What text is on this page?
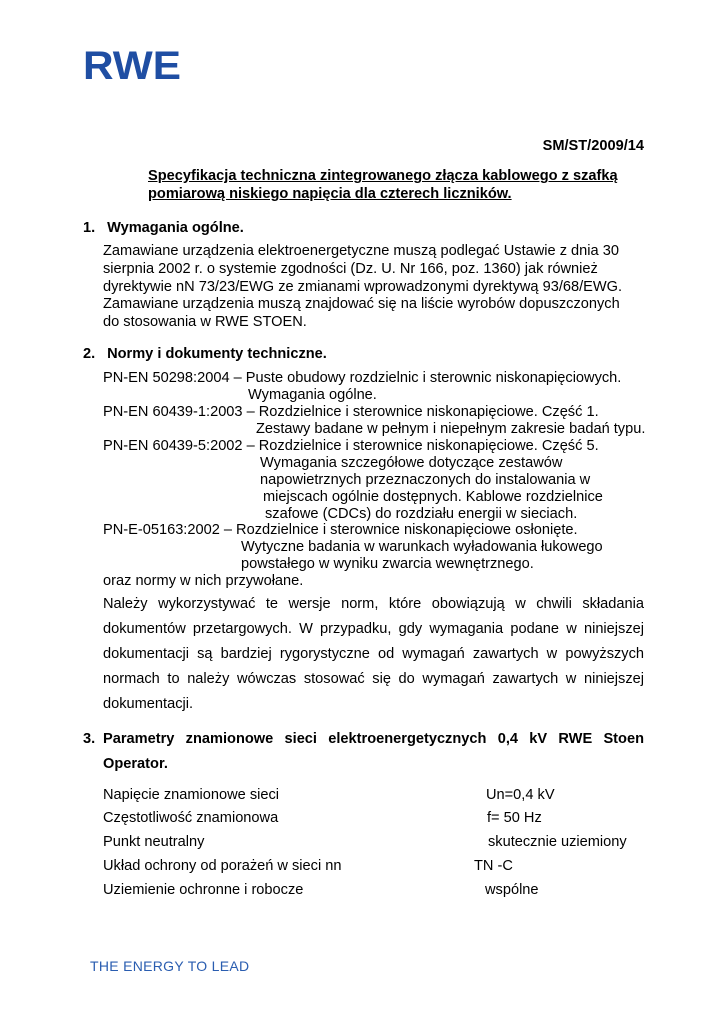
RWE
SM/ST/2009/14
Specyfikacja techniczna zintegrowanego złącza kablowego z szafką
pomiarową niskiego napięcia dla czterech liczników.
1. Wymagania ogólne.
Zamawiane urządzenia elektroenergetyczne muszą podlegać Ustawie z dnia 30
sierpnia 2002 r. o systemie zgodności (Dz. U. Nr 166, poz. 1360) jak również
dyrektywie nN 73/23/EWG ze zmianami wprowadzonymi dyrektywą 93/68/EWG.
Zamawiane urządzenia muszą znajdować się na liście wyrobów dopuszczonych
do stosowania w RWE STOEN.
2. Normy i dokumenty techniczne.
PN-EN 50298:2004 – Puste obudowy rozdzielnic i sterownic niskonapięciowych.
Wymagania ogólne.
PN-EN 60439-1:2003 – Rozdzielnice i sterownice niskonapięciowe. Część 1.
Zestawy badane w pełnym i niepełnym zakresie badań typu.
PN-EN 60439-5:2002 – Rozdzielnice i sterownice niskonapięciowe. Część 5.
Wymagania szczegółowe dotyczące zestawów
napowietrznych przeznaczonych do instalowania w
miejscach ogólnie dostępnych. Kablowe rozdzielnice
szafowe (CDCs) do rozdziału energii w sieciach.
PN-E-05163:2002 – Rozdzielnice i sterownice niskonapięciowe osłonięte.
Wytyczne badania w warunkach wyładowania łukowego
powstałego w wyniku zwarcia wewnętrznego.
oraz normy w nich przywołane.
Należy wykorzystywać te wersje norm, które obowiązują w chwili składania dokumentów przetargowych. W przypadku, gdy wymagania podane w niniejszej dokumentacji są bardziej rygorystyczne od wymagań zawartych w powyższych normach to należy wówczas stosować się do wymagań zawartych w niniejszej dokumentacji.
3. Parametry znamionowe sieci elektroenergetycznych 0,4 kV RWE Stoen Operator.
Napięcie znamionowe sieci	Un=0,4 kV
Częstotliwość znamionowa	f= 50 Hz
Punkt neutralny	skutecznie uziemiony
Układ ochrony od porażeń w sieci nn	TN -C
Uziemienie ochronne i robocze	wspólne
THE ENERGY TO LEAD
